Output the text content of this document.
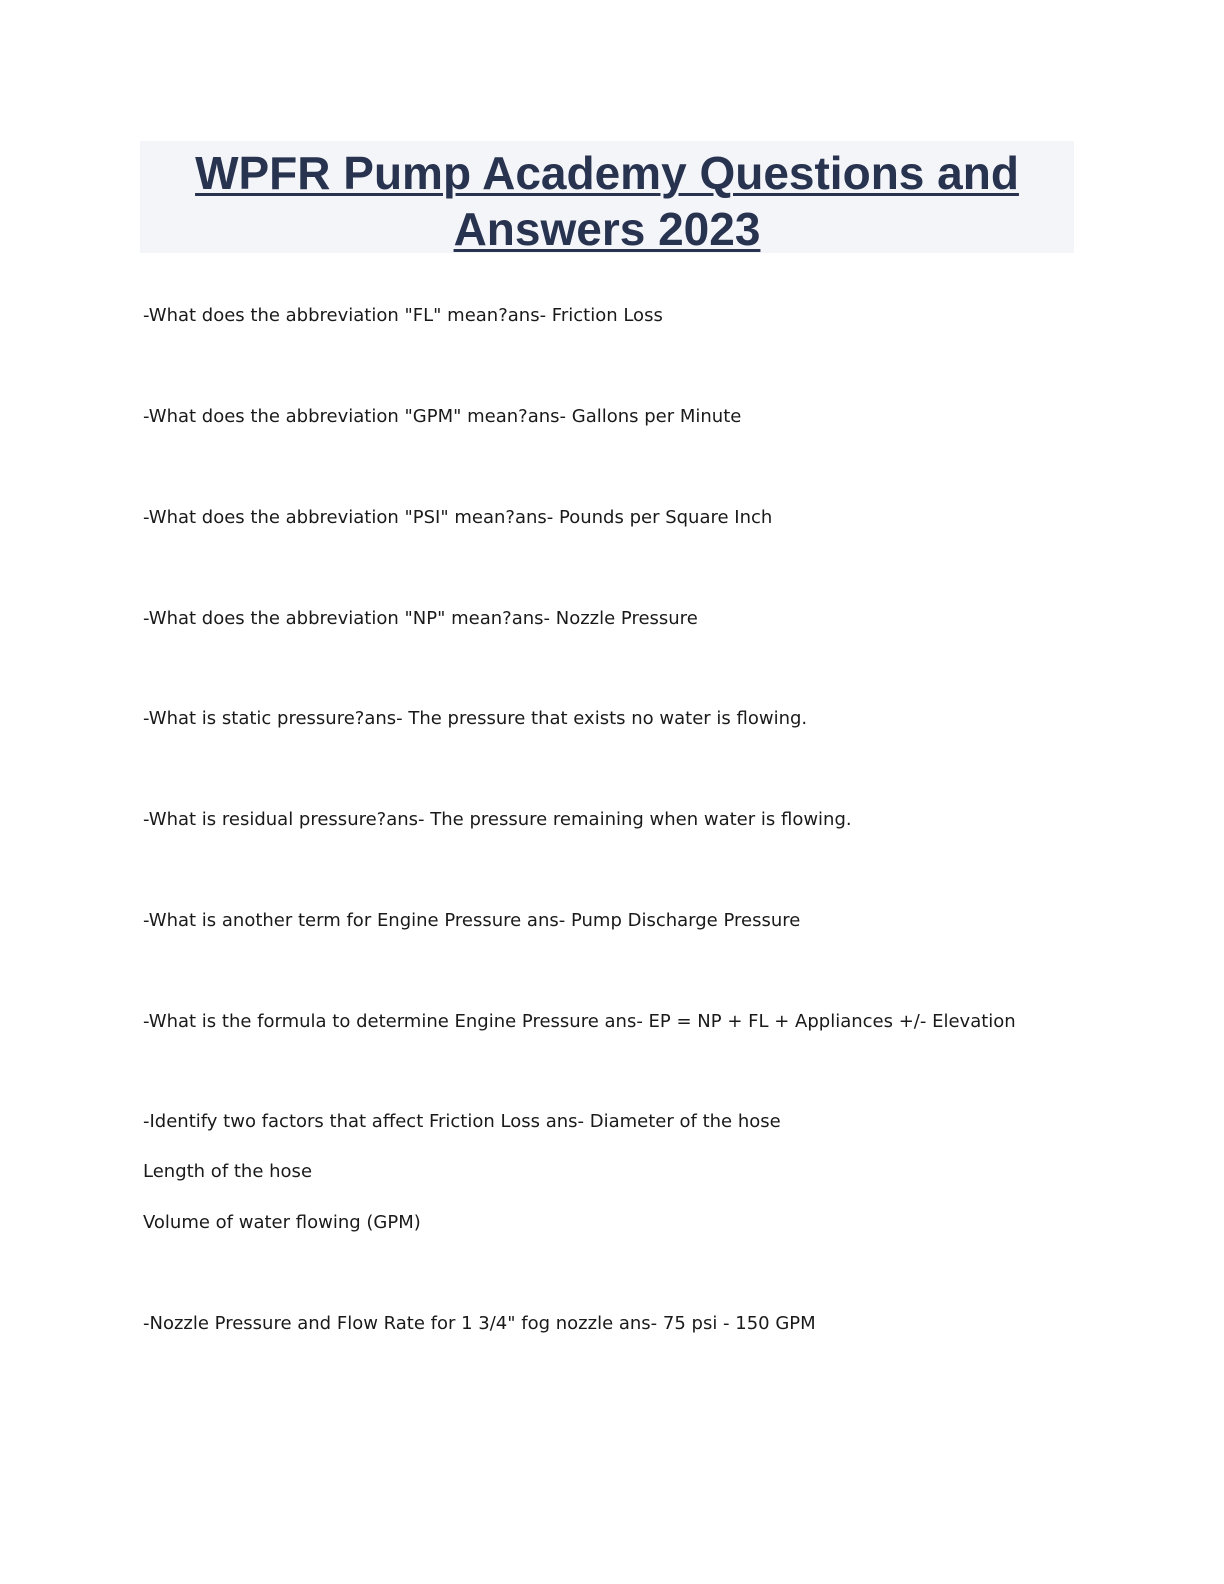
WPFR Pump Academy Questions and
Answers 2023
-What does the abbreviation "FL" mean?ans- Friction Loss
-What does the abbreviation "GPM" mean?ans- Gallons per Minute
-What does the abbreviation "PSI" mean?ans- Pounds per Square Inch
-What does the abbreviation "NP" mean?ans- Nozzle Pressure
-What is static pressure?ans- The pressure that exists no water is flowing.
-What is residual pressure?ans- The pressure remaining when water is flowing.
-What is another term for Engine Pressure ans- Pump Discharge Pressure
-What is the formula to determine Engine Pressure ans- EP = NP + FL + Appliances +/- Elevation
-Identify two factors that affect Friction Loss ans- Diameter of the hose
Length of the hose
Volume of water flowing (GPM)
-Nozzle Pressure and Flow Rate for 1 3/4" fog nozzle ans- 75 psi - 150 GPM
